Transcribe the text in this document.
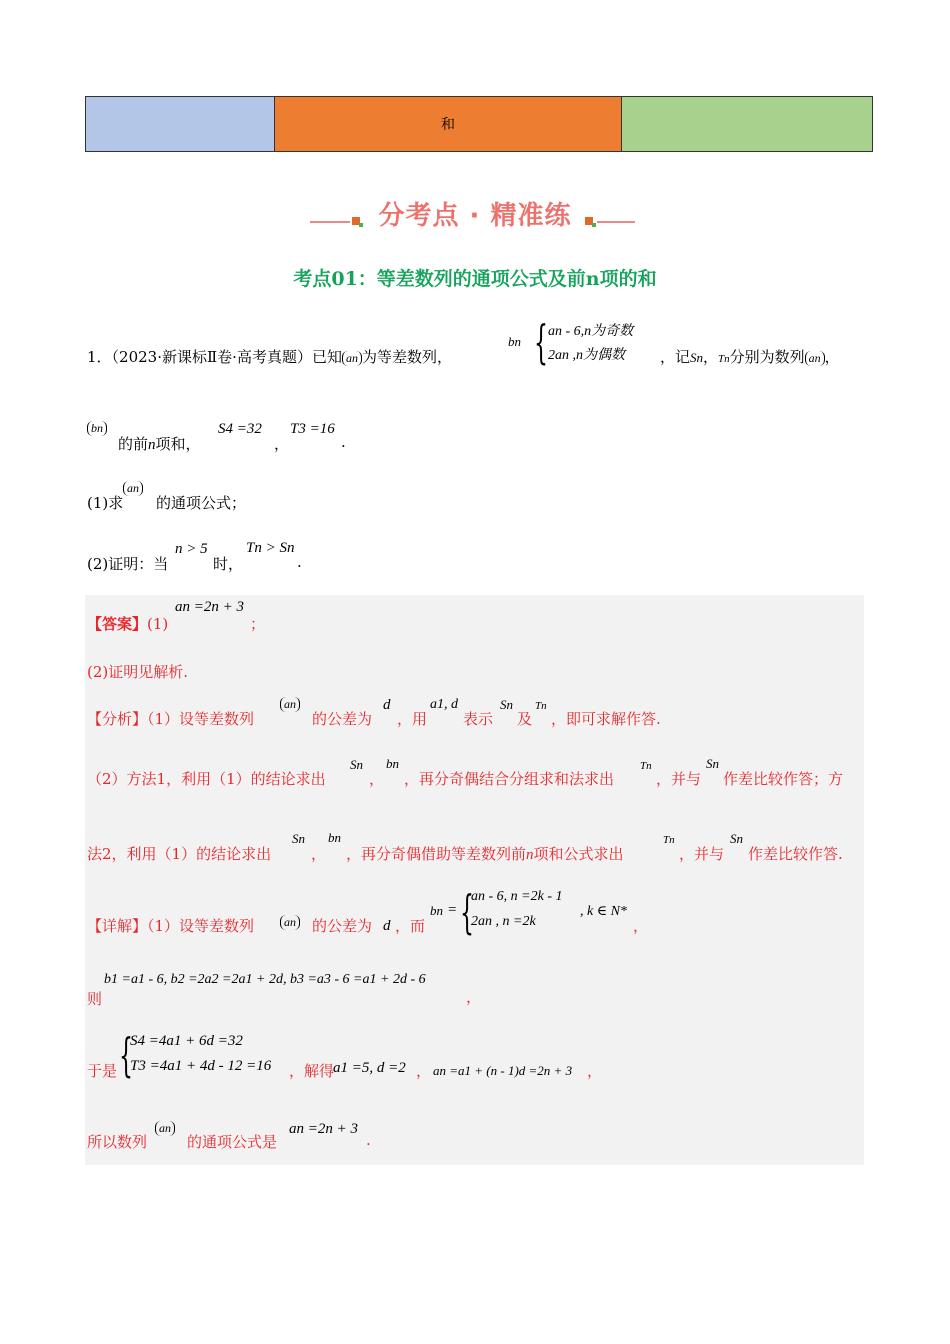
和
分考点 · 精准练
考点01：等差数列的通项公式及前n项的和
1．（2023·新课标Ⅱ卷·高考真题）已知 an 为等差数列，
bn { an - 6,n为奇数
2an ,n为偶数 ，记Sn，Tn分别为数列 an ，
bn
的前n项和，
S4 =32
，
T3 =16
.
(1)求
an
的通项公式；
(2)证明：当
n > 5
时，
Tn > Sn
.
【答案】(1)
an =2n + 3
；
(2)证明见解析.
【分析】（1）设等差数列
an
的公差为
d
，用
a1, d
表示
Sn
及
Tn
，即可求解作答.
（2）方法1，利用（1）的结论求出
Sn
，
bn
，再分奇偶结合分组求和法求出
Tn
，并与
Sn
作差比较作答；方
法2，利用（1）的结论求出
Sn
，
bn
，再分奇偶借助等差数列前n项和公式求出
Tn
，并与
Sn
作差比较作答.
【详解】（1）设等差数列	an 的公差为 d ，而
bn = {
an - 6, n =2k - 1
2an , n =2k
, k ∈ N*
，
b1 =a1 - 6, b2 =2a2 =2a1 + 2d, b3 =a3 - 6 =a1 + 2d - 6
则	，
于是 {
S4 =4a1 + 6d =32
T3 =4a1 + 4d - 12 =16 ，解得
a1 =5, d =2 ， an =a1 + (n - 1)d =2n + 3 ，
所以数列
an
的通项公式是
an =2n + 3
.
